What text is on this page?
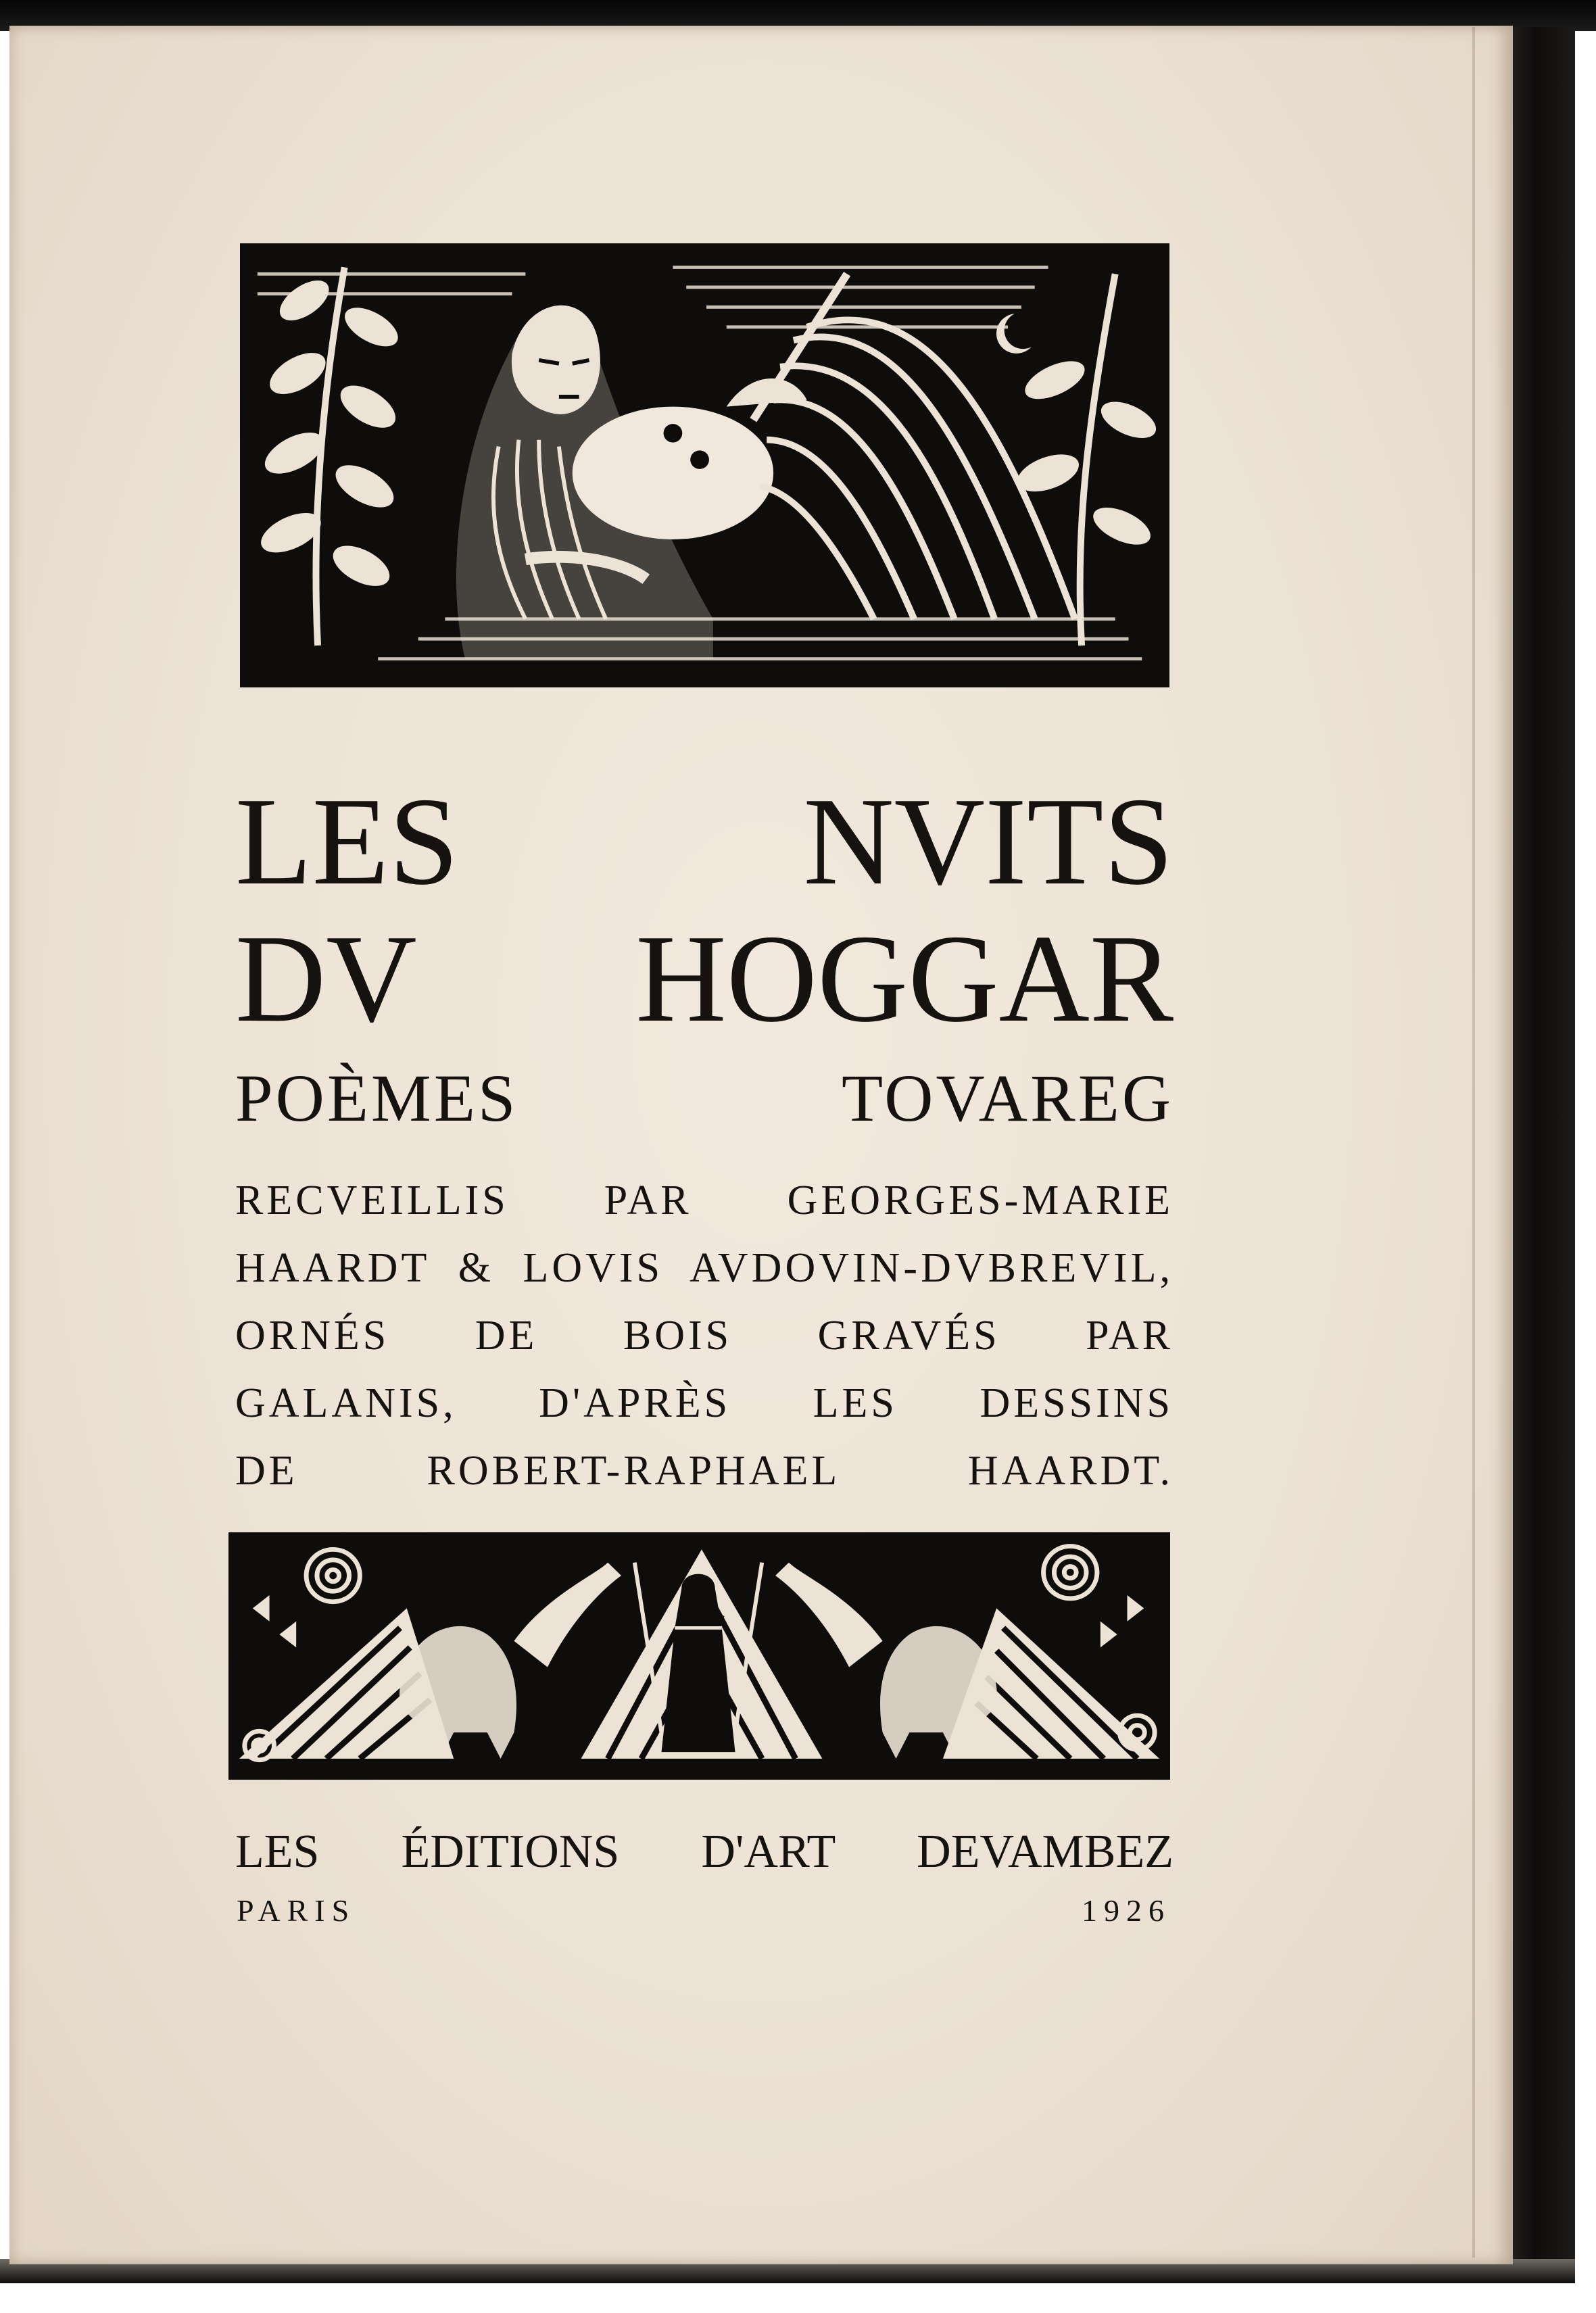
LES NVITS

DV HOGGAR

POÈMES TOVAREG

RECVEILLIS PAR GEORGES-MARIE

HAARDT & LOVIS AVDOVIN-DVBREVIL,

ORNÉS DE BOIS GRAVÉS PAR

GALANIS, D'APRÈS LES DESSINS

DE ROBERT-RAPHAEL HAARDT.

LES ÉDITIONS D'ART DEVAMBEZ

PARIS	1926
